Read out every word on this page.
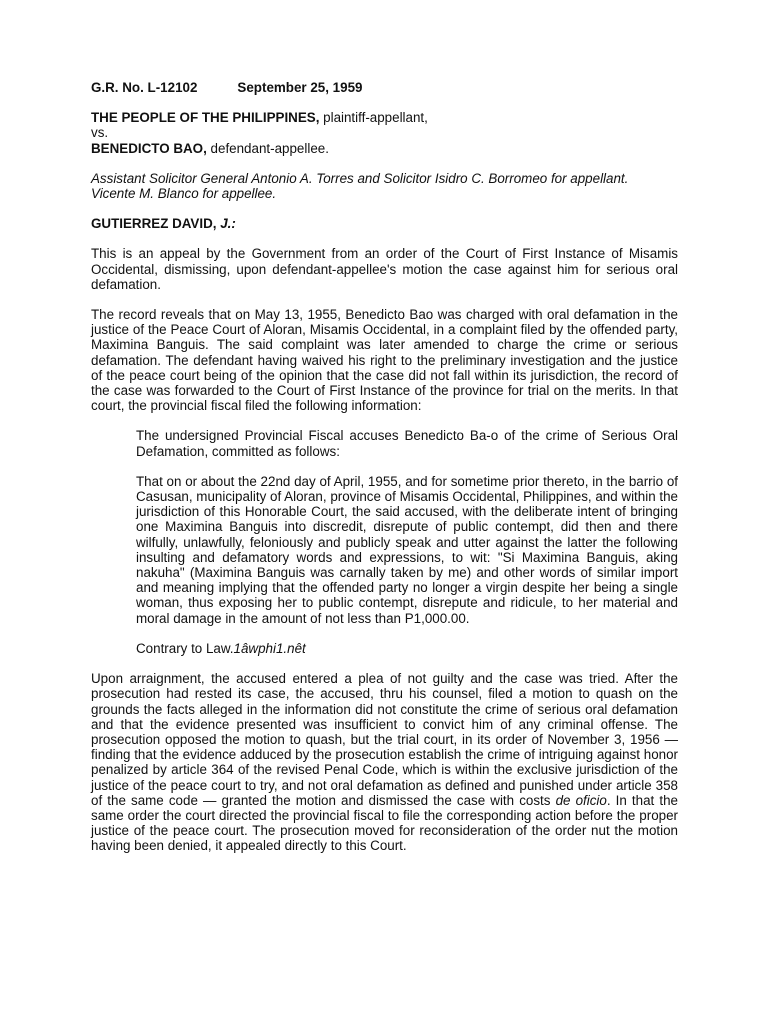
G.R. No. L-12102	September 25, 1959

THE PEOPLE OF THE PHILIPPINES, plaintiff-appellant,

vs.

BENEDICTO BAO, defendant-appellee.

Assistant Solicitor General Antonio A. Torres and Solicitor Isidro C. Borromeo for appellant.

Vicente M. Blanco for appellee.

GUTIERREZ DAVID, J.:

This is an appeal by the Government from an order of the Court of First Instance of Misamis Occidental, dismissing, upon defendant-appellee's motion the case against him for serious oral defamation.

The record reveals that on May 13, 1955, Benedicto Bao was charged with oral defamation in the justice of the Peace Court of Aloran, Misamis Occidental, in a complaint filed by the offended party, Maximina Banguis. The said complaint was later amended to charge the crime or serious defamation. The defendant having waived his right to the preliminary investigation and the justice of the peace court being of the opinion that the case did not fall within its jurisdiction, the record of the case was forwarded to the Court of First Instance of the province for trial on the merits. In that court, the provincial fiscal filed the following information:

The undersigned Provincial Fiscal accuses Benedicto Ba-o of the crime of Serious Oral Defamation, committed as follows:

That on or about the 22nd day of April, 1955, and for sometime prior thereto, in the barrio of Casusan, municipality of Aloran, province of Misamis Occidental, Philippines, and within the jurisdiction of this Honorable Court, the said accused, with the deliberate intent of bringing one Maximina Banguis into discredit, disrepute of public contempt, did then and there wilfully, unlawfully, feloniously and publicly speak and utter against the latter the following insulting and defamatory words and expressions, to wit: "Si Maximina Banguis, aking nakuha" (Maximina Banguis was carnally taken by me) and other words of similar import and meaning implying that the offended party no longer a virgin despite her being a single woman, thus exposing her to public contempt, disrepute and ridicule, to her material and moral damage in the amount of not less than P1,000.00.

Contrary to Law.1âwphi1.nêt

Upon arraignment, the accused entered a plea of not guilty and the case was tried. After the prosecution had rested its case, the accused, thru his counsel, filed a motion to quash on the grounds the facts alleged in the information did not constitute the crime of serious oral defamation and that the evidence presented was insufficient to convict him of any criminal offense. The prosecution opposed the motion to quash, but the trial court, in its order of November 3, 1956 — finding that the evidence adduced by the prosecution establish the crime of intriguing against honor penalized by article 364 of the revised Penal Code, which is within the exclusive jurisdiction of the justice of the peace court to try, and not oral defamation as defined and punished under article 358 of the same code — granted the motion and dismissed the case with costs de oficio. In that the same order the court directed the provincial fiscal to file the corresponding action before the proper justice of the peace court. The prosecution moved for reconsideration of the order nut the motion having been denied, it appealed directly to this Court.
